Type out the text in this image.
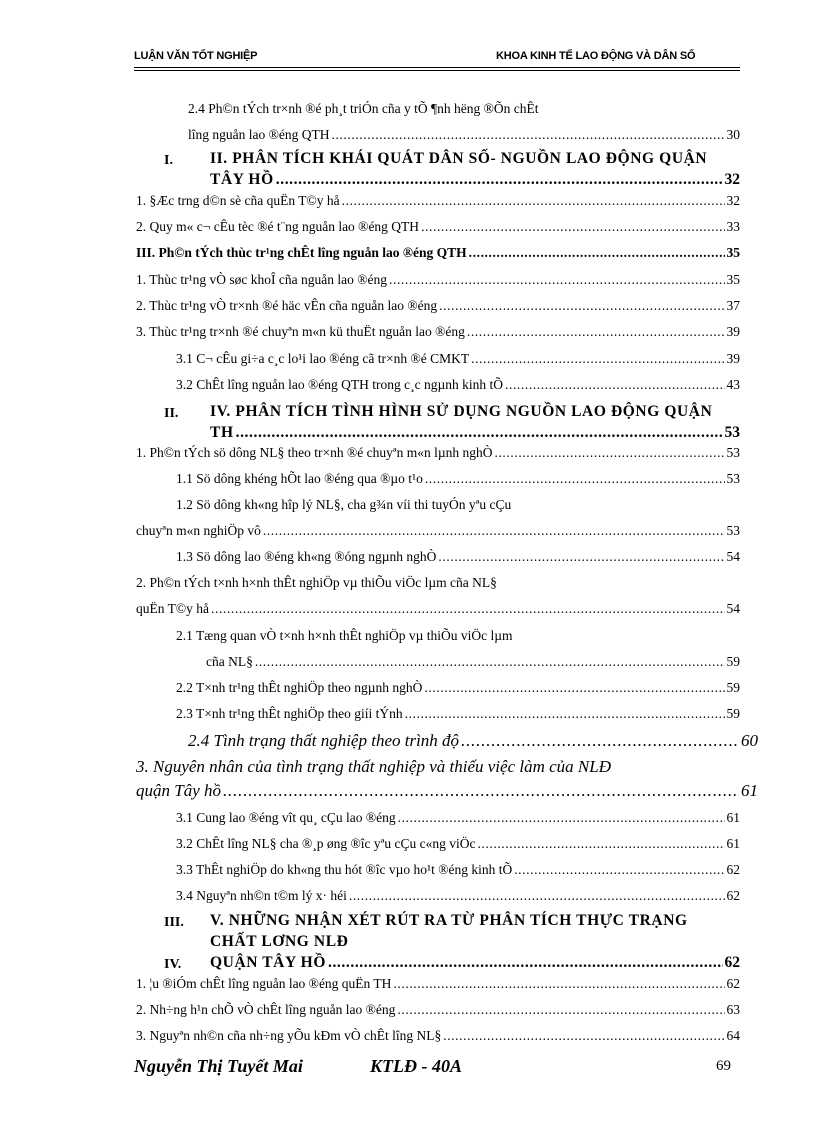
LUẬN VĂN TỐT NGHIỆP	KHOA KINH TẾ LAO ĐỘNG VÀ DÂN SỐ
2.4 Ph©n tÝch tr×nh ®é ph¸t triÓn cña y tÕ ¶nh hëng ®Õn chÊt
lîng nguån lao ®éng QTH .....	30
I. II. PHÂN TÍCH KHÁI QUÁT DÂN SỐ- NGUỒN LAO ĐỘNG QUẬN
TÂY HỒ .....	32
1. §Æc trng d©n sè cña quËn T©y hå .....	32
2. Quy m« c¬ cÊu tèc ®é t¨ng nguån lao ®éng QTH .....	33
III. Ph©n tÝch thùc tr¹ng chÊt lîng nguån lao ®éng QTH .....	35
1. Thùc tr¹ng vÒ søc khoÎ cña nguån lao ®éng .....	35
2. Thùc tr¹ng vÒ tr×nh ®é häc vÊn cña nguån lao ®éng .....	37
3. Thùc tr¹ng tr×nh ®é chuyªn m«n kü thuËt nguån lao ®éng .....	39
3.1 C¬ cÊu gi÷a c¸c lo¹i lao ®éng cã tr×nh ®é CMKT .....	39
3.2 ChÊt lîng nguån lao ®éng QTH trong c¸c ngµnh kinh tÕ .....	43
II. IV. PHÂN TÍCH TÌNH HÌNH SỬ DỤNG NGUỒN LAO ĐỘNG QUẬN
TH .....	53
1. Ph©n tÝch sö dông NL§ theo tr×nh ®é chuyªn m«n lµnh nghÒ .....	53
1.1 Sö dông khéng hÕt lao ®éng qua ®µo t¹o .....	53
1.2 Sö dông kh«ng hîp lý NL§, cha g¾n víi thi tuyÓn yªu cÇu
chuyªn m«n nghiÖp vô .....	53
1.3 Sö dông lao ®éng kh«ng ®óng ngµnh nghÒ .....	54
2. Ph©n tÝch t×nh h×nh thÊt nghiÖp vµ thiÕu viÖc lµm cña NL§
quËn T©y hå .....	54
2.1 Tæng quan vÒ t×nh h×nh thÊt nghiÖp vµ thiÕu viÖc lµm
cña NL§ .....	59
2.2 T×nh tr¹ng thÊt nghiÖp theo ngµnh nghÒ .....	59
2.3 T×nh tr¹ng thÊt nghiÖp theo giíi tÝnh .....	59
2.4 Tình trạng thất nghiệp theo trình độ .....	60
3. Nguyên nhân của tình trạng thất nghiệp và thiếu việc làm của NLĐ
quận Tây hồ .....	61
3.1 Cung lao ®éng vît qu¸ cÇu lao ®éng .....	61
3.2 ChÊt lîng NL§ cha ®¸p øng ®îc yªu cÇu c«ng viÖc .....	61
3.3 ThÊt nghiÖp do kh«ng thu hót ®îc vµo ho¹t ®éng kinh tÕ .....	62
3.4 Nguyªn nh©n t©m lý x· héi .....	62
III. V. NHỮNG NHẬN XÉT RÚT RA TỪ PHÂN TÍCH THỰC TRẠNG
CHẤT LƠNG NLĐ
IV. QUẬN TÂY HỒ .....	62
1. ¦u ®iÓm chÊt lîng nguån lao ®éng quËn TH .....	62
2. Nh÷ng h¹n chÕ vÒ chÊt lîng nguån lao ®éng .....	63
3. Nguyªn nh©n cña nh÷ng yÕu kÐm vÒ chÊt lîng NL§ .....	64
Nguyễn Thị Tuyết Mai	KTLĐ - 40A	69
